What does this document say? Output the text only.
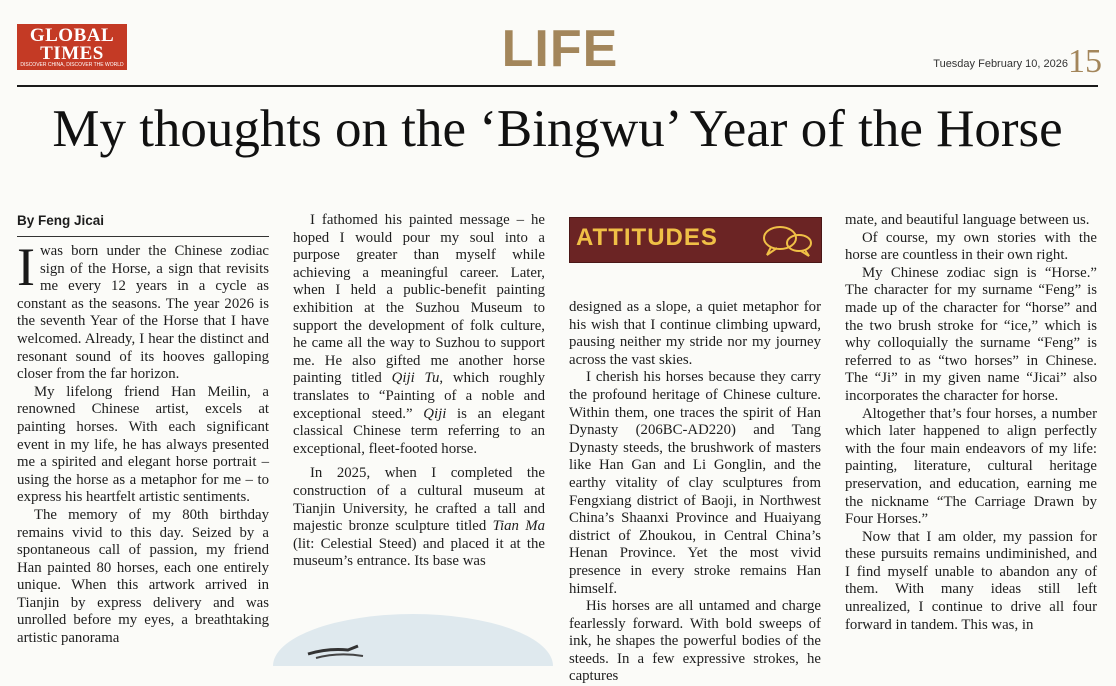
GLOBAL
TIMES
DISCOVER CHINA, DISCOVER THE WORLD	LIFE	Tuesday February 10, 2026 15
My thoughts on the ‘Bingwu’ Year of the Horse
By Feng Jicai

Iwas born under the Chinese zodiac sign of the Horse, a sign that revisits me every 12 years in a cycle as constant as the seasons. The year 2026 is the seventh Year of the Horse that I have welcomed. Already, I hear the distinct and resonant sound of its hooves galloping closer from the far horizon.

My lifelong friend Han Meilin, a renowned Chinese artist, excels at painting horses. With each significant event in my life, he has always presented me a spirited and elegant horse portrait – using the horse as a metaphor for me – to express his heartfelt artistic sentiments.

The memory of my 80th birthday remains vivid to this day. Seized by a spontaneous call of passion, my friend Han painted 80 horses, each one entirely unique. When this artwork arrived in Tianjin by express delivery and was unrolled before my eyes, a breathtaking artistic panorama

I fathomed his painted message – he hoped I would pour my soul into a purpose greater than myself while achieving a meaningful career. Later, when I held a public-benefit painting exhibition at the Suzhou Museum to support the development of folk culture, he came all the way to Suzhou to support me. He also gifted me another horse painting titled Qiji Tu, which roughly translates to “Painting of a noble and exceptional steed.” Qiji is an elegant classical Chinese term referring to an exceptional, fleet-footed horse.

In 2025, when I completed the construction of a cultural museum at Tianjin University, he crafted a tall and majestic bronze sculpture titled Tian Ma (lit: Celestial Steed) and placed it at the museum’s entrance. Its base was

ATTITUDES

designed as a slope, a quiet metaphor for his wish that I continue climbing upward, pausing neither my stride nor my journey across the vast skies.

I cherish his horses because they carry the profound heritage of Chinese culture. Within them, one traces the spirit of Han Dynasty (206BC-AD220) and Tang Dynasty steeds, the brushwork of masters like Han Gan and Li Gonglin, and the earthy vitality of clay sculptures from Fengxiang district of Baoji, in Northwest China’s Shaanxi Province and Huaiyang district of Zhoukou, in Central China’s Henan Province. Yet the most vivid presence in every stroke remains Han himself.

His horses are all untamed and charge fearlessly forward. With bold sweeps of ink, he shapes the powerful bodies of the steeds. In a few expressive strokes, he captures

mate, and beautiful language between us.

Of course, my own stories with the horse are countless in their own right.

My Chinese zodiac sign is “Horse.” The character for my surname “Feng” is made up of the character for “horse” and the two brush stroke for “ice,” which is why colloquially the surname “Feng” is referred to as “two horses” in Chinese. The “Ji” in my given name “Jicai” also incorporates the character for horse.

Altogether that’s four horses, a number which later happened to align perfectly with the four main endeavors of my life: painting, literature, cultural heritage preservation, and education, earning me the nickname “The Carriage Drawn by Four Horses.”

Now that I am older, my passion for these pursuits remains undiminished, and I find myself unable to abandon any of them. With many ideas still left unrealized, I continue to drive all four forward in tandem. This was, in
